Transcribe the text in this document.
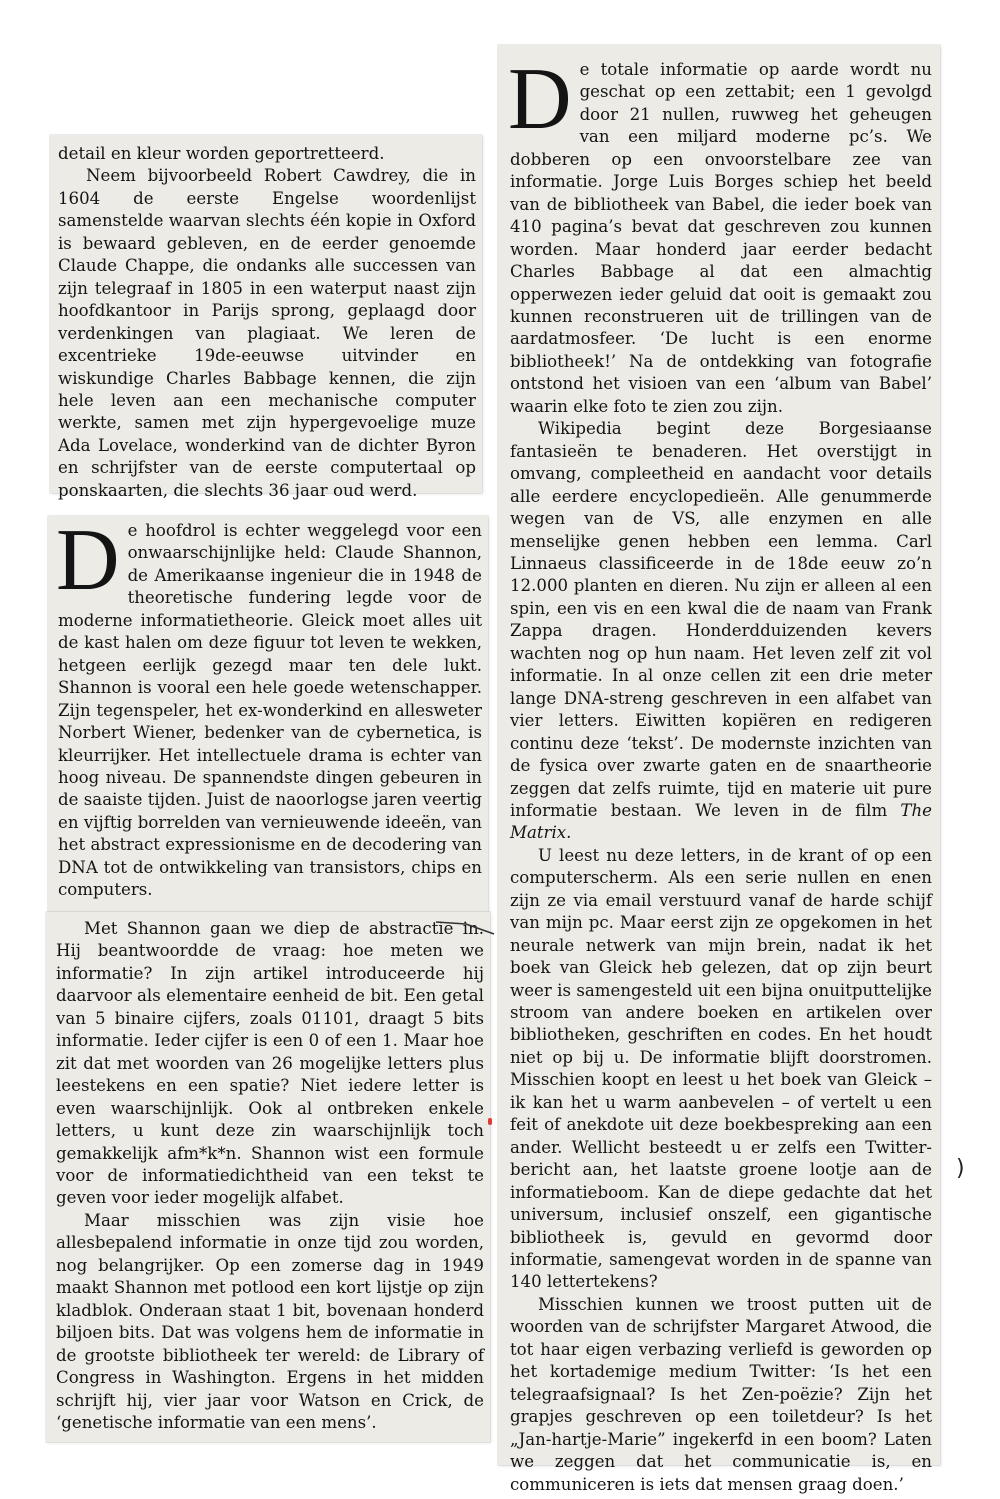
detail en kleur worden geportretteerd.

Neem bijvoorbeeld Robert Cawdrey, die in 1604 de eerste Engelse woordenlijst samenstelde waarvan slechts één kopie in Oxford is bewaard gebleven, en de eerder genoemde Claude Chappe, die ondanks alle successen van zijn telegraaf in 1805 in een waterput naast zijn hoofdkantoor in Parijs sprong, geplaagd door verdenkingen van plagiaat. We leren de excentrieke 19de-eeuwse uitvinder en wiskundige Charles Babbage kennen, die zijn hele leven aan een mechanische computer werkte, samen met zijn hypergevoelige muze Ada Lovelace, wonderkind van de dichter Byron en schrijfster van de eerste computertaal op ponskaarten, die slechts 36 jaar oud werd.

De hoofdrol is echter weggelegd voor een onwaarschijnlijke held: Claude Shannon, de Amerikaanse ingenieur die in 1948 de theoretische fundering legde voor de moderne informatietheorie. Gleick moet alles uit de kast halen om deze figuur tot leven te wekken, hetgeen eerlijk gezegd maar ten dele lukt. Shannon is vooral een hele goede wetenschapper. Zijn tegenspeler, het ex-wonderkind en allesweter Norbert Wiener, bedenker van de cybernetica, is kleurrijker. Het intellectuele drama is echter van hoog niveau. De spannendste dingen gebeuren in de saaiste tijden. Juist de naoorlogse jaren veertig en vijftig borrelden van vernieuwende ideeën, van het abstract expressionisme en de decodering van DNA tot de ontwikkeling van transistors, chips en computers.

Met Shannon gaan we diep de abstractie in. Hij beantwoordde de vraag: hoe meten we informatie? In zijn artikel introduceerde hij daarvoor als elementaire eenheid de bit. Een getal van 5 binaire cijfers, zoals 01101, draagt 5 bits informatie. Ieder cijfer is een 0 of een 1. Maar hoe zit dat met woorden van 26 mogelijke letters plus leestekens en een spatie? Niet iedere letter is even waarschijnlijk. Ook al ontbreken enkele letters, u kunt deze zin waarschijnlijk toch gemakkelijk afm*k*n. Shannon wist een formule voor de informatiedichtheid van een tekst te geven voor ieder mogelijk alfabet.

Maar misschien was zijn visie hoe allesbepalend informatie in onze tijd zou worden, nog belangrijker. Op een zomerse dag in 1949 maakt Shannon met potlood een kort lijstje op zijn kladblok. Onderaan staat 1 bit, bovenaan honderd biljoen bits. Dat was volgens hem de informatie in de grootste bibliotheek ter wereld: de Library of Congress in Washington. Ergens in het midden schrijft hij, vier jaar voor Watson en Crick, de ‘genetische informatie van een mens’.

De totale informatie op aarde wordt nu geschat op een zettabit; een 1 gevolgd door 21 nullen, ruwweg het geheugen van een miljard moderne pc’s. We dobberen op een onvoorstelbare zee van informatie. Jorge Luis Borges schiep het beeld van de bibliotheek van Babel, die ieder boek van 410 pagina’s bevat dat geschreven zou kunnen worden. Maar honderd jaar eerder bedacht Charles Babbage al dat een almachtig opperwezen ieder geluid dat ooit is gemaakt zou kunnen reconstrueren uit de trillingen van de aardatmosfeer. ‘De lucht is een enorme bibliotheek!’ Na de ontdekking van fotografie ontstond het visioen van een ‘album van Babel’ waarin elke foto te zien zou zijn.

Wikipedia begint deze Borgesiaanse fantasieën te benaderen. Het overstijgt in omvang, compleetheid en aandacht voor details alle eerdere encyclopedieën. Alle genummerde wegen van de VS, alle enzymen en alle menselijke genen hebben een lemma. Carl Linnaeus classificeerde in de 18de eeuw zo’n 12.000 planten en dieren. Nu zijn er alleen al een spin, een vis en een kwal die de naam van Frank Zappa dragen. Honderdduizenden kevers wachten nog op hun naam. Het leven zelf zit vol informatie. In al onze cellen zit een drie meter lange DNA-streng geschreven in een alfabet van vier letters. Eiwitten kopiëren en redigeren continu deze ‘tekst’. De modernste inzichten van de fysica over zwarte gaten en de snaartheorie zeggen dat zelfs ruimte, tijd en materie uit pure informatie bestaan. We leven in de film The Matrix.

U leest nu deze letters, in de krant of op een computerscherm. Als een serie nullen en enen zijn ze via email verstuurd vanaf de harde schijf van mijn pc. Maar eerst zijn ze opgekomen in het neurale netwerk van mijn brein, nadat ik het boek van Gleick heb gelezen, dat op zijn beurt weer is samengesteld uit een bijna onuitputtelijke stroom van andere boeken en artikelen over bibliotheken, geschriften en codes. En het houdt niet op bij u. De informatie blijft doorstromen. Misschien koopt en leest u het boek van Gleick – ik kan het u warm aanbevelen – of vertelt u een feit of anekdote uit deze boekbespreking aan een ander. Wellicht besteedt u er zelfs een Twitter-bericht aan, het laatste groene lootje aan de informatieboom. Kan de diepe gedachte dat het universum, inclusief onszelf, een gigantische bibliotheek is, gevuld en gevormd door informatie, samengevat worden in de spanne van 140 lettertekens?

Misschien kunnen we troost putten uit de woorden van de schrijfster Margaret Atwood, die tot haar eigen verbazing verliefd is geworden op het kortademige medium Twitter: ‘Is het een telegraafsignaal? Is het Zen-poëzie? Zijn het grapjes geschreven op een toiletdeur? Is het „Jan-hartje-Marie” ingekerfd in een boom? Laten we zeggen dat het communicatie is, en communiceren is iets dat mensen graag doen.’

)
